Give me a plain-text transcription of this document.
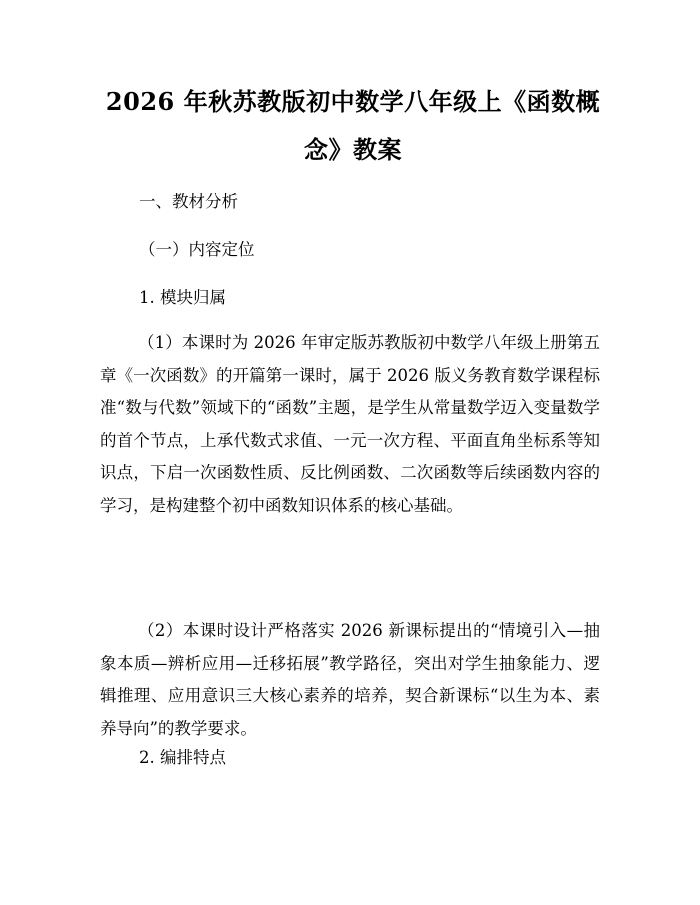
2026 年秋苏教版初中数学八年级上《函数概
念》教案

一、教材分析

（一）内容定位

1. 模块归属

（1）本课时为 2026 年审定版苏教版初中数学八年级上册第五章《一次函数》的开篇第一课时，属于 2026 版义务教育数学课程标准“数与代数”领域下的“函数”主题，是学生从常量数学迈入变量数学的首个节点，上承代数式求值、一元一次方程、平面直角坐标系等知识点，下启一次函数性质、反比例函数、二次函数等后续函数内容的学习，是构建整个初中函数知识体系的核心基础。

（2）本课时设计严格落实 2026 新课标提出的“情境引入—抽象本质—辨析应用—迁移拓展”教学路径，突出对学生抽象能力、逻辑推理、应用意识三大核心素养的培养，契合新课标“以生为本、素养导向”的教学要求。

2. 编排特点
